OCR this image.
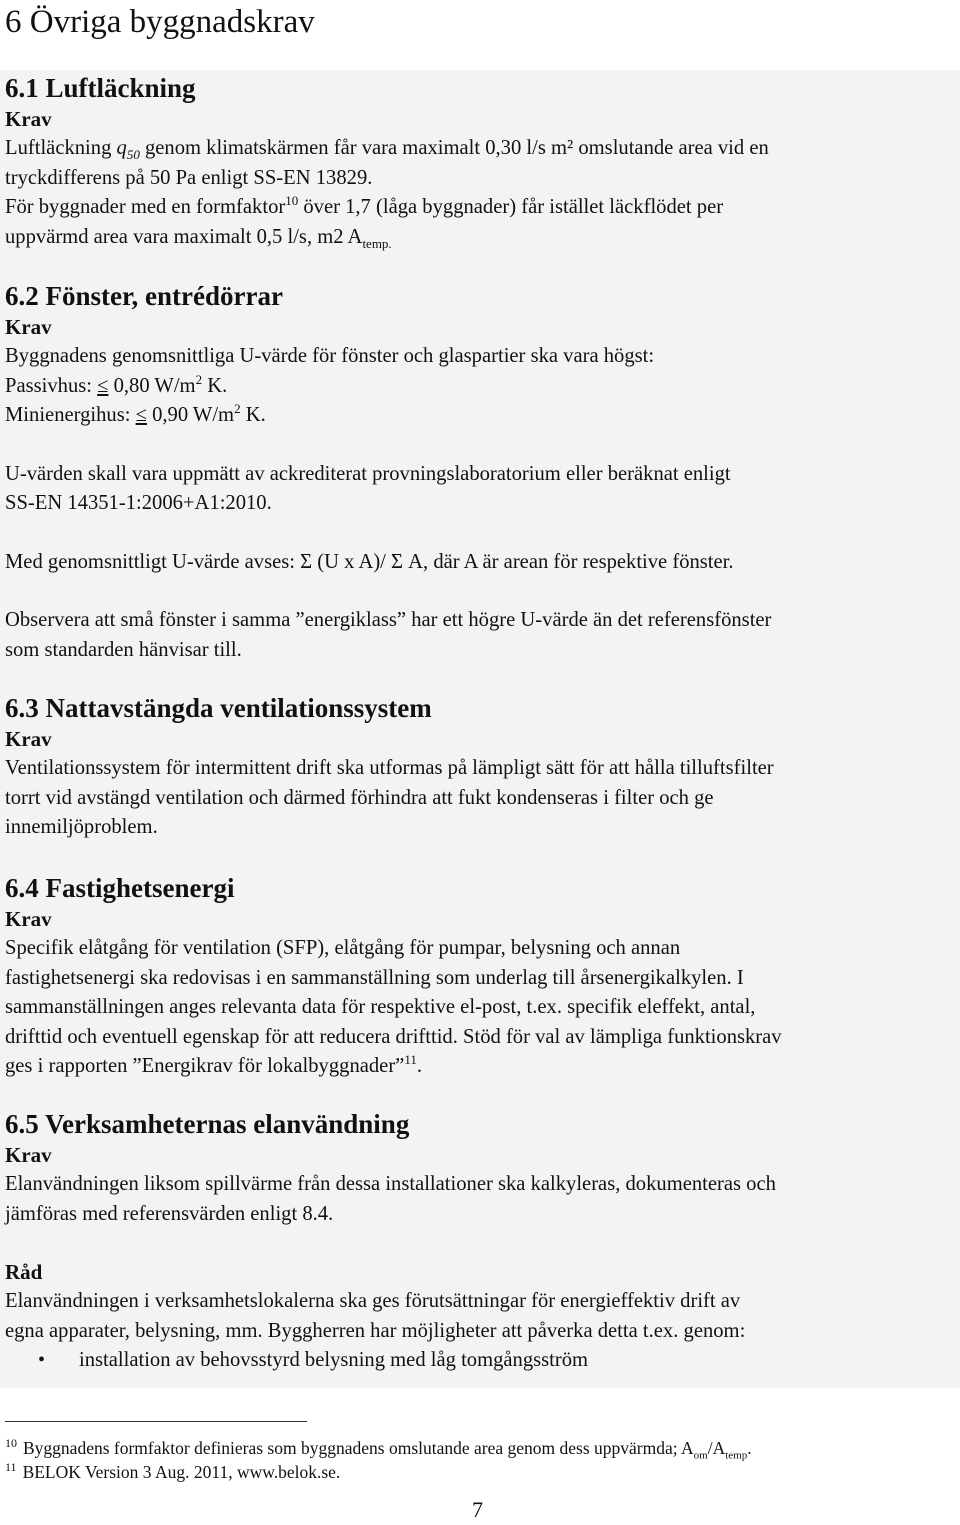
6 Övriga byggnadskrav
6.1 Luftläckning
Krav
Luftläckning $q_{50}$ genom klimatskärmen får vara maximalt 0,30 l/s m² omslutande area vid en
tryckdifferens på 50 Pa enligt SS-EN 13829.
För byggnader med en formfaktor$^{10}$ över 1,7 (låga byggnader) får istället läckflödet per
uppvärmd area vara maximalt 0,5 l/s, m2 $A_{temp.}$
6.2 Fönster, entrédörrar
Krav
Byggnadens genomsnittliga U-värde för fönster och glaspartier ska vara högst:
Passivhus: ≤ 0,80 $W/m^2$ K.
Minienergihus: ≤ 0,90 $W/m^2$ K.
U-värden skall vara uppmätt av ackrediterat provningslaboratorium eller beräknat enligt
SS-EN 14351-1:2006+A1:2010.
Med genomsnittligt U-värde avses: Σ (U x A)/ Σ A, där A är arean för respektive fönster.
Observera att små fönster i samma ”energiklass” har ett högre U-värde än det referensfönster
som standarden hänvisar till.
6.3 Nattavstängda ventilationssystem
Krav
Ventilationssystem för intermittent drift ska utformas på lämpligt sätt för att hålla tilluftsfilter
torrt vid avstängd ventilation och därmed förhindra att fukt kondenseras i filter och ge
innemiljöproblem.
6.4 Fastighetsenergi
Krav
Specifik elåtgång för ventilation (SFP), elåtgång för pumpar, belysning och annan
fastighetsenergi ska redovisas i en sammanställning som underlag till årsenergikalkylen. I
sammanställningen anges relevanta data för respektive el-post, t.ex. specifik eleffekt, antal,
drifttid och eventuell egenskap för att reducera drifttid. Stöd för val av lämpliga funktionskrav
ges i rapporten ”Energikrav för lokalbyggnader”$^{11}$.
6.5 Verksamheternas elanvändning
Krav
Elanvändningen liksom spillvärme från dessa installationer ska kalkyleras, dokumenteras och
jämföras med referensvärden enligt 8.4.
Råd
Elanvändningen i verksamhetslokalerna ska ges förutsättningar för energieffektiv drift av
egna apparater, belysning, mm. Byggherren har möjligheter att påverka detta t.ex. genom:
•	installation av behovsstyrd belysning med låg tomgångsström
$^{10}$ Byggnadens formfaktor definieras som byggnadens omslutande area genom dess uppvärmda; $A_{om}/A_{temp}$.
$^{11}$ BELOK Version 3 Aug. 2011, www.belok.se.
7
